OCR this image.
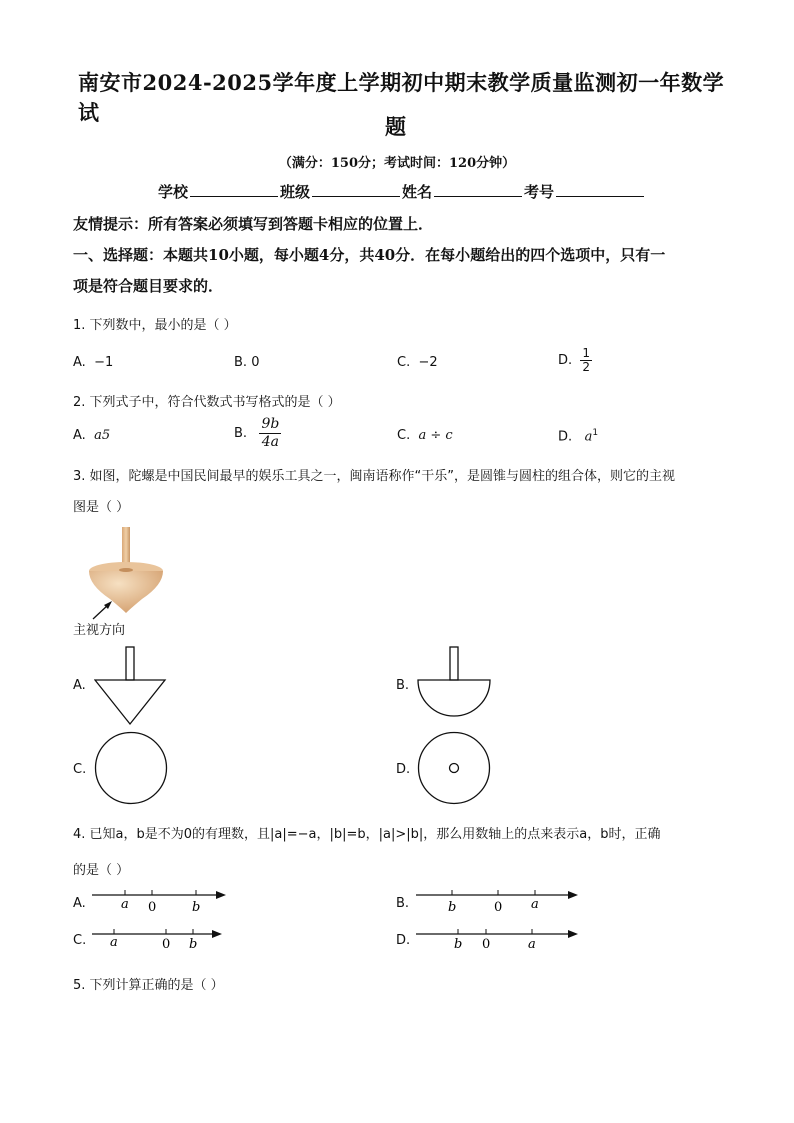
南安市2024-2025学年度上学期初中期末教学质量监测初一年数学试
题
（满分：150分；考试时间：120分钟）
学校	班级	姓名	考号
友情提示：所有答案必须填写到答题卡相应的位置上．
一、选择题：本题共10小题，每小题4分，共40分．在每小题给出的四个选项中，只有一
项是符合题目要求的．
1. 下列数中，最小的是（ ）
A. −1	B. 0	C. −2	D. $\frac{1}{2}$
2. 下列式子中，符合代数式书写格式的是（ ）
A. a5	B. $\frac{9b}{4a}$	C. a ÷ c	D. $a^1$
3. 如图，陀螺是中国民间最早的娱乐工具之一，闽南语称作“干乐”，是圆锥与圆柱的组合体，则它的主视
图是（ ）
主视方向
A.	B.
C.	D.
4. 已知a，b是不为0的有理数，且|a|=−a，|b|=b，|a|>|b|，那么用数轴上的点来表示a，b时，正确
的是（ ）
A.	a 0	b	B.	b	0 a
C. a	0 b	D.	b 0	a
5. 下列计算正确的是（ ）
